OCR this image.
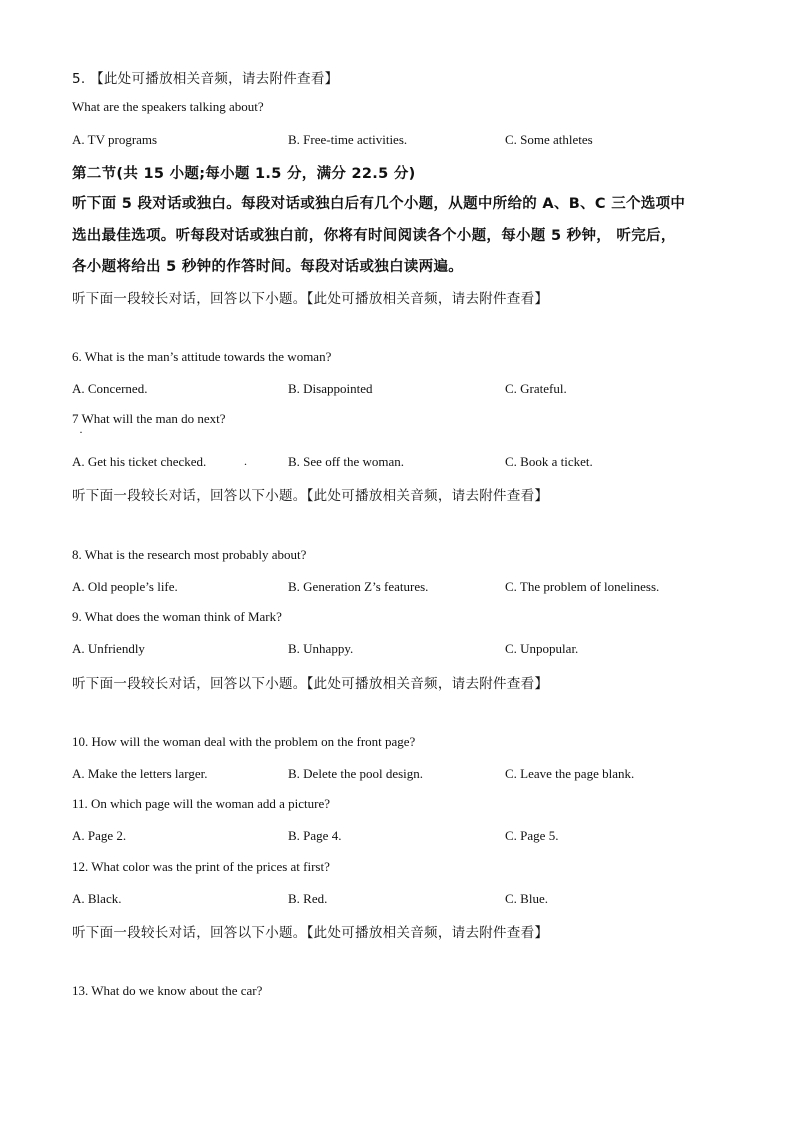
5. 【此处可播放相关音频，请去附件查看】
What are the speakers talking about?
A. TV programs	B. Free-time activities.	C. Some athletes
第二节(共 15 小题;每小题 1.5 分，满分 22.5 分)
听下面 5 段对话或独白。每段对话或独白后有几个小题，从题中所给的 A、B、C 三个选项中
选出最佳选项。听每段对话或独白前，你将有时间阅读各个小题，每小题 5 秒钟， 听完后，
各小题将给出 5 秒钟的作答时间。每段对话或独白读两遍。
听下面一段较长对话，回答以下小题。【此处可播放相关音频，请去附件查看】
6. What is the man’s attitude towards the woman?
A. Concerned.	B. Disappointed	C. Grateful.
7 What will the man do next?
·
A. Get his ticket checked.	B. See off the woman.	C. Book a ticket.
.
听下面一段较长对话，回答以下小题。【此处可播放相关音频，请去附件查看】
8. What is the research most probably about?
A. Old people’s life.	B. Generation Z’s features.	C. The problem of loneliness.
9. What does the woman think of Mark?
A. Unfriendly	B. Unhappy.	C. Unpopular.
听下面一段较长对话，回答以下小题。【此处可播放相关音频，请去附件查看】
10. How will the woman deal with the problem on the front page?
A. Make the letters larger.	B. Delete the pool design.	C. Leave the page blank.
11. On which page will the woman add a picture?
A. Page 2.	B. Page 4.	C. Page 5.
12. What color was the print of the prices at first?
A. Black.	B. Red.	C. Blue.
听下面一段较长对话，回答以下小题。【此处可播放相关音频，请去附件查看】
13. What do we know about the car?
